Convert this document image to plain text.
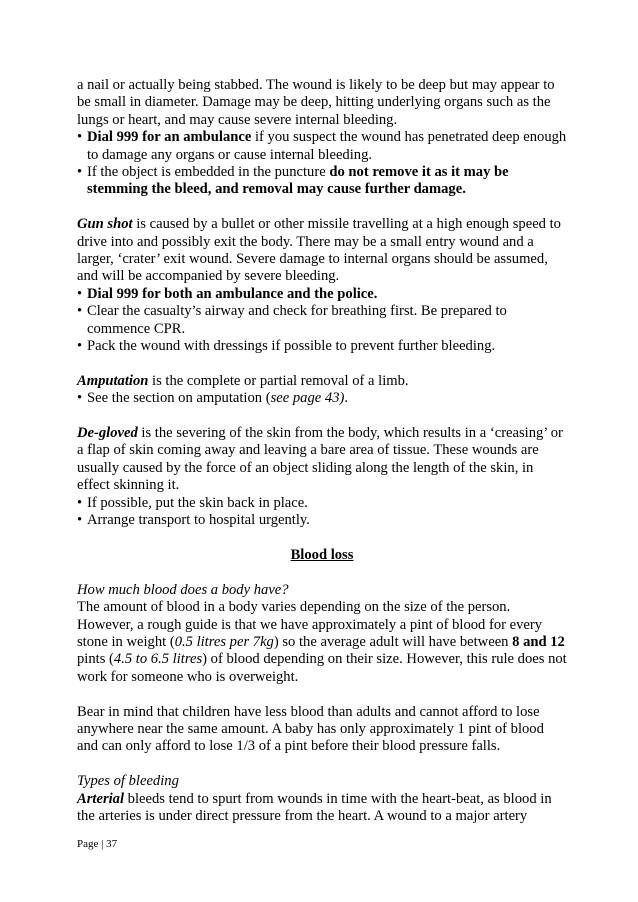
a nail or actually being stabbed. The wound is likely to be deep but may appear to be small in diameter. Damage may be deep, hitting underlying organs such as the lungs or heart, and may cause severe internal bleeding.

• Dial 999 for an ambulance if you suspect the wound has penetrated deep enough to damage any organs or cause internal bleeding.
• If the object is embedded in the puncture do not remove it as it may be stemming the bleed, and removal may cause further damage.

Gun shot is caused by a bullet or other missile travelling at a high enough speed to drive into and possibly exit the body. There may be a small entry wound and a larger, ‘crater’ exit wound. Severe damage to internal organs should be assumed, and will be accompanied by severe bleeding.

• Dial 999 for both an ambulance and the police.
• Clear the casualty’s airway and check for breathing first. Be prepared to commence CPR.
• Pack the wound with dressings if possible to prevent further bleeding.

Amputation is the complete or partial removal of a limb.

• See the section on amputation (see page 43).

De-gloved is the severing of the skin from the body, which results in a ‘creasing’ or a flap of skin coming away and leaving a bare area of tissue. These wounds are usually caused by the force of an object sliding along the length of the skin, in effect skinning it.

• If possible, put the skin back in place.
• Arrange transport to hospital urgently.

Blood loss

How much blood does a body have?

The amount of blood in a body varies depending on the size of the person. However, a rough guide is that we have approximately a pint of blood for every stone in weight (0.5 litres per 7kg) so the average adult will have between 8 and 12 pints (4.5 to 6.5 litres) of blood depending on their size. However, this rule does not work for someone who is overweight.

Bear in mind that children have less blood than adults and cannot afford to lose anywhere near the same amount. A baby has only approximately 1 pint of blood and can only afford to lose 1/3 of a pint before their blood pressure falls.

Types of bleeding

Arterial bleeds tend to spurt from wounds in time with the heart-beat, as blood in the arteries is under direct pressure from the heart. A wound to a major artery

Page | 37
